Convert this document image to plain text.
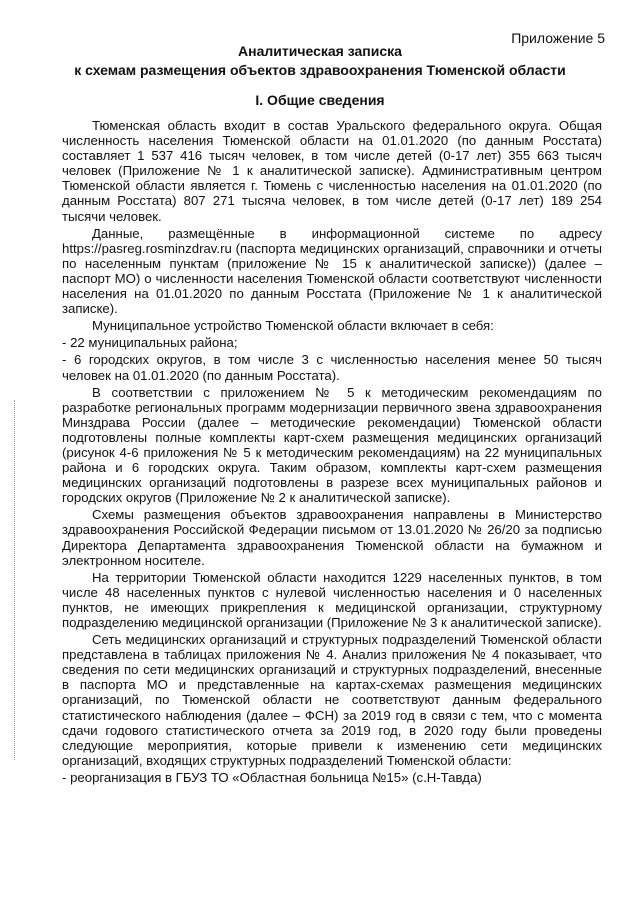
Приложение 5
Аналитическая записка
к схемам размещения объектов здравоохранения Тюменской области
I. Общие сведения

Тюменская область входит в состав Уральского федерального округа. Общая численность населения Тюменской области на 01.01.2020 (по данным Росстата) составляет 1 537 416 тысяч человек, в том числе детей (0-17 лет) 355 663 тысяч человек (Приложение № 1 к аналитической записке). Административным центром Тюменской области является г. Тюмень с численностью населения на 01.01.2020 (по данным Росстата) 807 271 тысяча человек, в том числе детей (0-17 лет) 189 254 тысячи человек.

Данные, размещённые в информационной системе по адресу https://pasreg.rosminzdrav.ru (паспорта медицинских организаций, справочники и отчеты по населенным пунктам (приложение № 15 к аналитической записке)) (далее – паспорт МО) о численности населения Тюменской области соответствуют численности населения на 01.01.2020 по данным Росстата (Приложение № 1 к аналитической записке).

Муниципальное устройство Тюменской области включает в себя:

- 22 муниципальных района;

- 6 городских округов, в том числе 3 с численностью населения менее 50 тысяч человек на 01.01.2020 (по данным Росстата).

В соответствии с приложением № 5 к методическим рекомендациям по разработке региональных программ модернизации первичного звена здравоохранения Минздрава России (далее – методические рекомендации) Тюменской области подготовлены полные комплекты карт-схем размещения медицинских организаций (рисунок 4-6 приложения № 5 к методическим рекомендациям) на 22 муниципальных района и 6 городских округа. Таким образом, комплекты карт-схем размещения медицинских организаций подготовлены в разрезе всех муниципальных районов и городских округов (Приложение № 2 к аналитической записке).

Схемы размещения объектов здравоохранения направлены в Министерство здравоохранения Российской Федерации письмом от 13.01.2020 № 26/20 за подписью Директора Департамента здравоохранения Тюменской области на бумажном и электронном носителе.

На территории Тюменской области находится 1229 населенных пунктов, в том числе 48 населенных пунктов с нулевой численностью населения и 0 населенных пунктов, не имеющих прикрепления к медицинской организации, структурному подразделению медицинской организации (Приложение № 3 к аналитической записке).

Сеть медицинских организаций и структурных подразделений Тюменской области представлена в таблицах приложения № 4. Анализ приложения № 4 показывает, что сведения по сети медицинских организаций и структурных подразделений, внесенные в паспорта МО и представленные на картах-схемах размещения медицинских организаций, по Тюменской области не соответствуют данным федерального статистического наблюдения (далее – ФСН) за 2019 год в связи с тем, что с момента сдачи годового статистического отчета за 2019 год, в 2020 году были проведены следующие мероприятия, которые привели к изменению сети медицинских организаций, входящих структурных подразделений Тюменской области:

- реорганизация в ГБУЗ ТО «Областная больница №15» (с.Н-Тавда)
